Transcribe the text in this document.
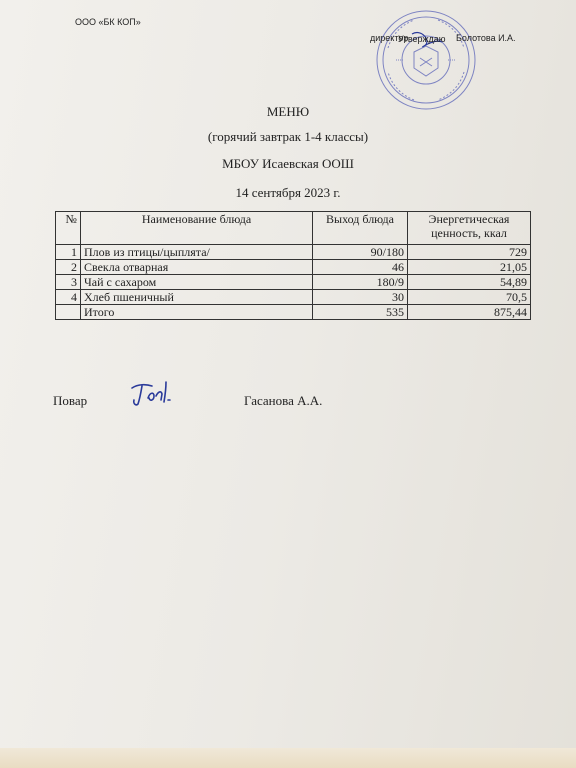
ООО «БК КОП»
Утверждаю
директор	Болотова И.А.
МЕНЮ
(горячий завтрак 1-4 классы)
МБОУ Исаевская ООШ
14 сентября 2023 г.
№	Наименование блюда	Выход блюда	Энергетическая ценность, ккал
1	Плов из птицы/цыплята/	90/180	729
2	Свекла отварная	46	21,05
3	Чай с сахаром	180/9	54,89
4	Хлеб пшеничный	30	70,5
	Итого	535	875,44
Повар	Гасанова А.А.
